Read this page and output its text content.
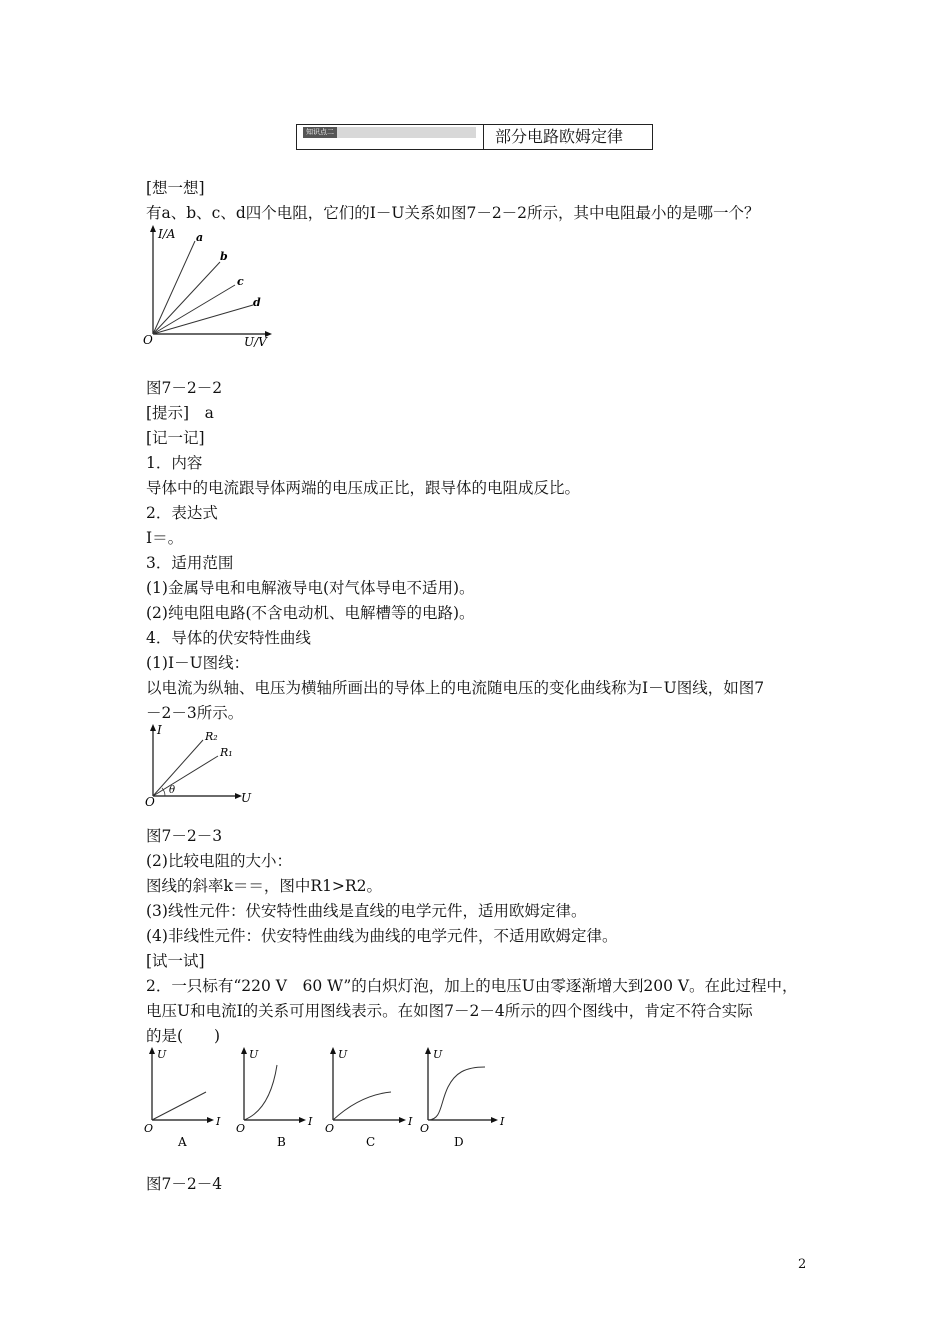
知识点二	部分电路欧姆定律
[想一想]
有a、b、c、d四个电阻，它们的I－U关系如图7－2－2所示，其中电阻最小的是哪一个？
I/A
U/V
O
a
b
c
d
图7－2－2
[提示]　a
[记一记]
1．内容
导体中的电流跟导体两端的电压成正比，跟导体的电阻成反比。
2．表达式
I＝。
3．适用范围
(1)金属导电和电解液导电(对气体导电不适用)。
(2)纯电阻电路(不含电动机、电解槽等的电路)。
4．导体的伏安特性曲线
(1)I－U图线：
以电流为纵轴、电压为横轴所画出的导体上的电流随电压的变化曲线称为I－U图线，如图7
－2－3所示。
I
U
O
θ
R₂
R₁
图7－2－3
(2)比较电阻的大小：
图线的斜率k＝＝，图中R1>R2。
(3)线性元件：伏安特性曲线是直线的电学元件，适用欧姆定律。
(4)非线性元件：伏安特性曲线为曲线的电学元件，不适用欧姆定律。
[试一试]
2．一只标有“220 V　60 W”的白炽灯泡，加上的电压U由零逐渐增大到200 V。在此过程中，
电压U和电流I的关系可用图线表示。在如图7－2－4所示的四个图线中，肯定不符合实际
的是(　　)
U
I
O
A
U
I
O
B
U
I
O
C
U
I
O
D
图7－2－4
2
